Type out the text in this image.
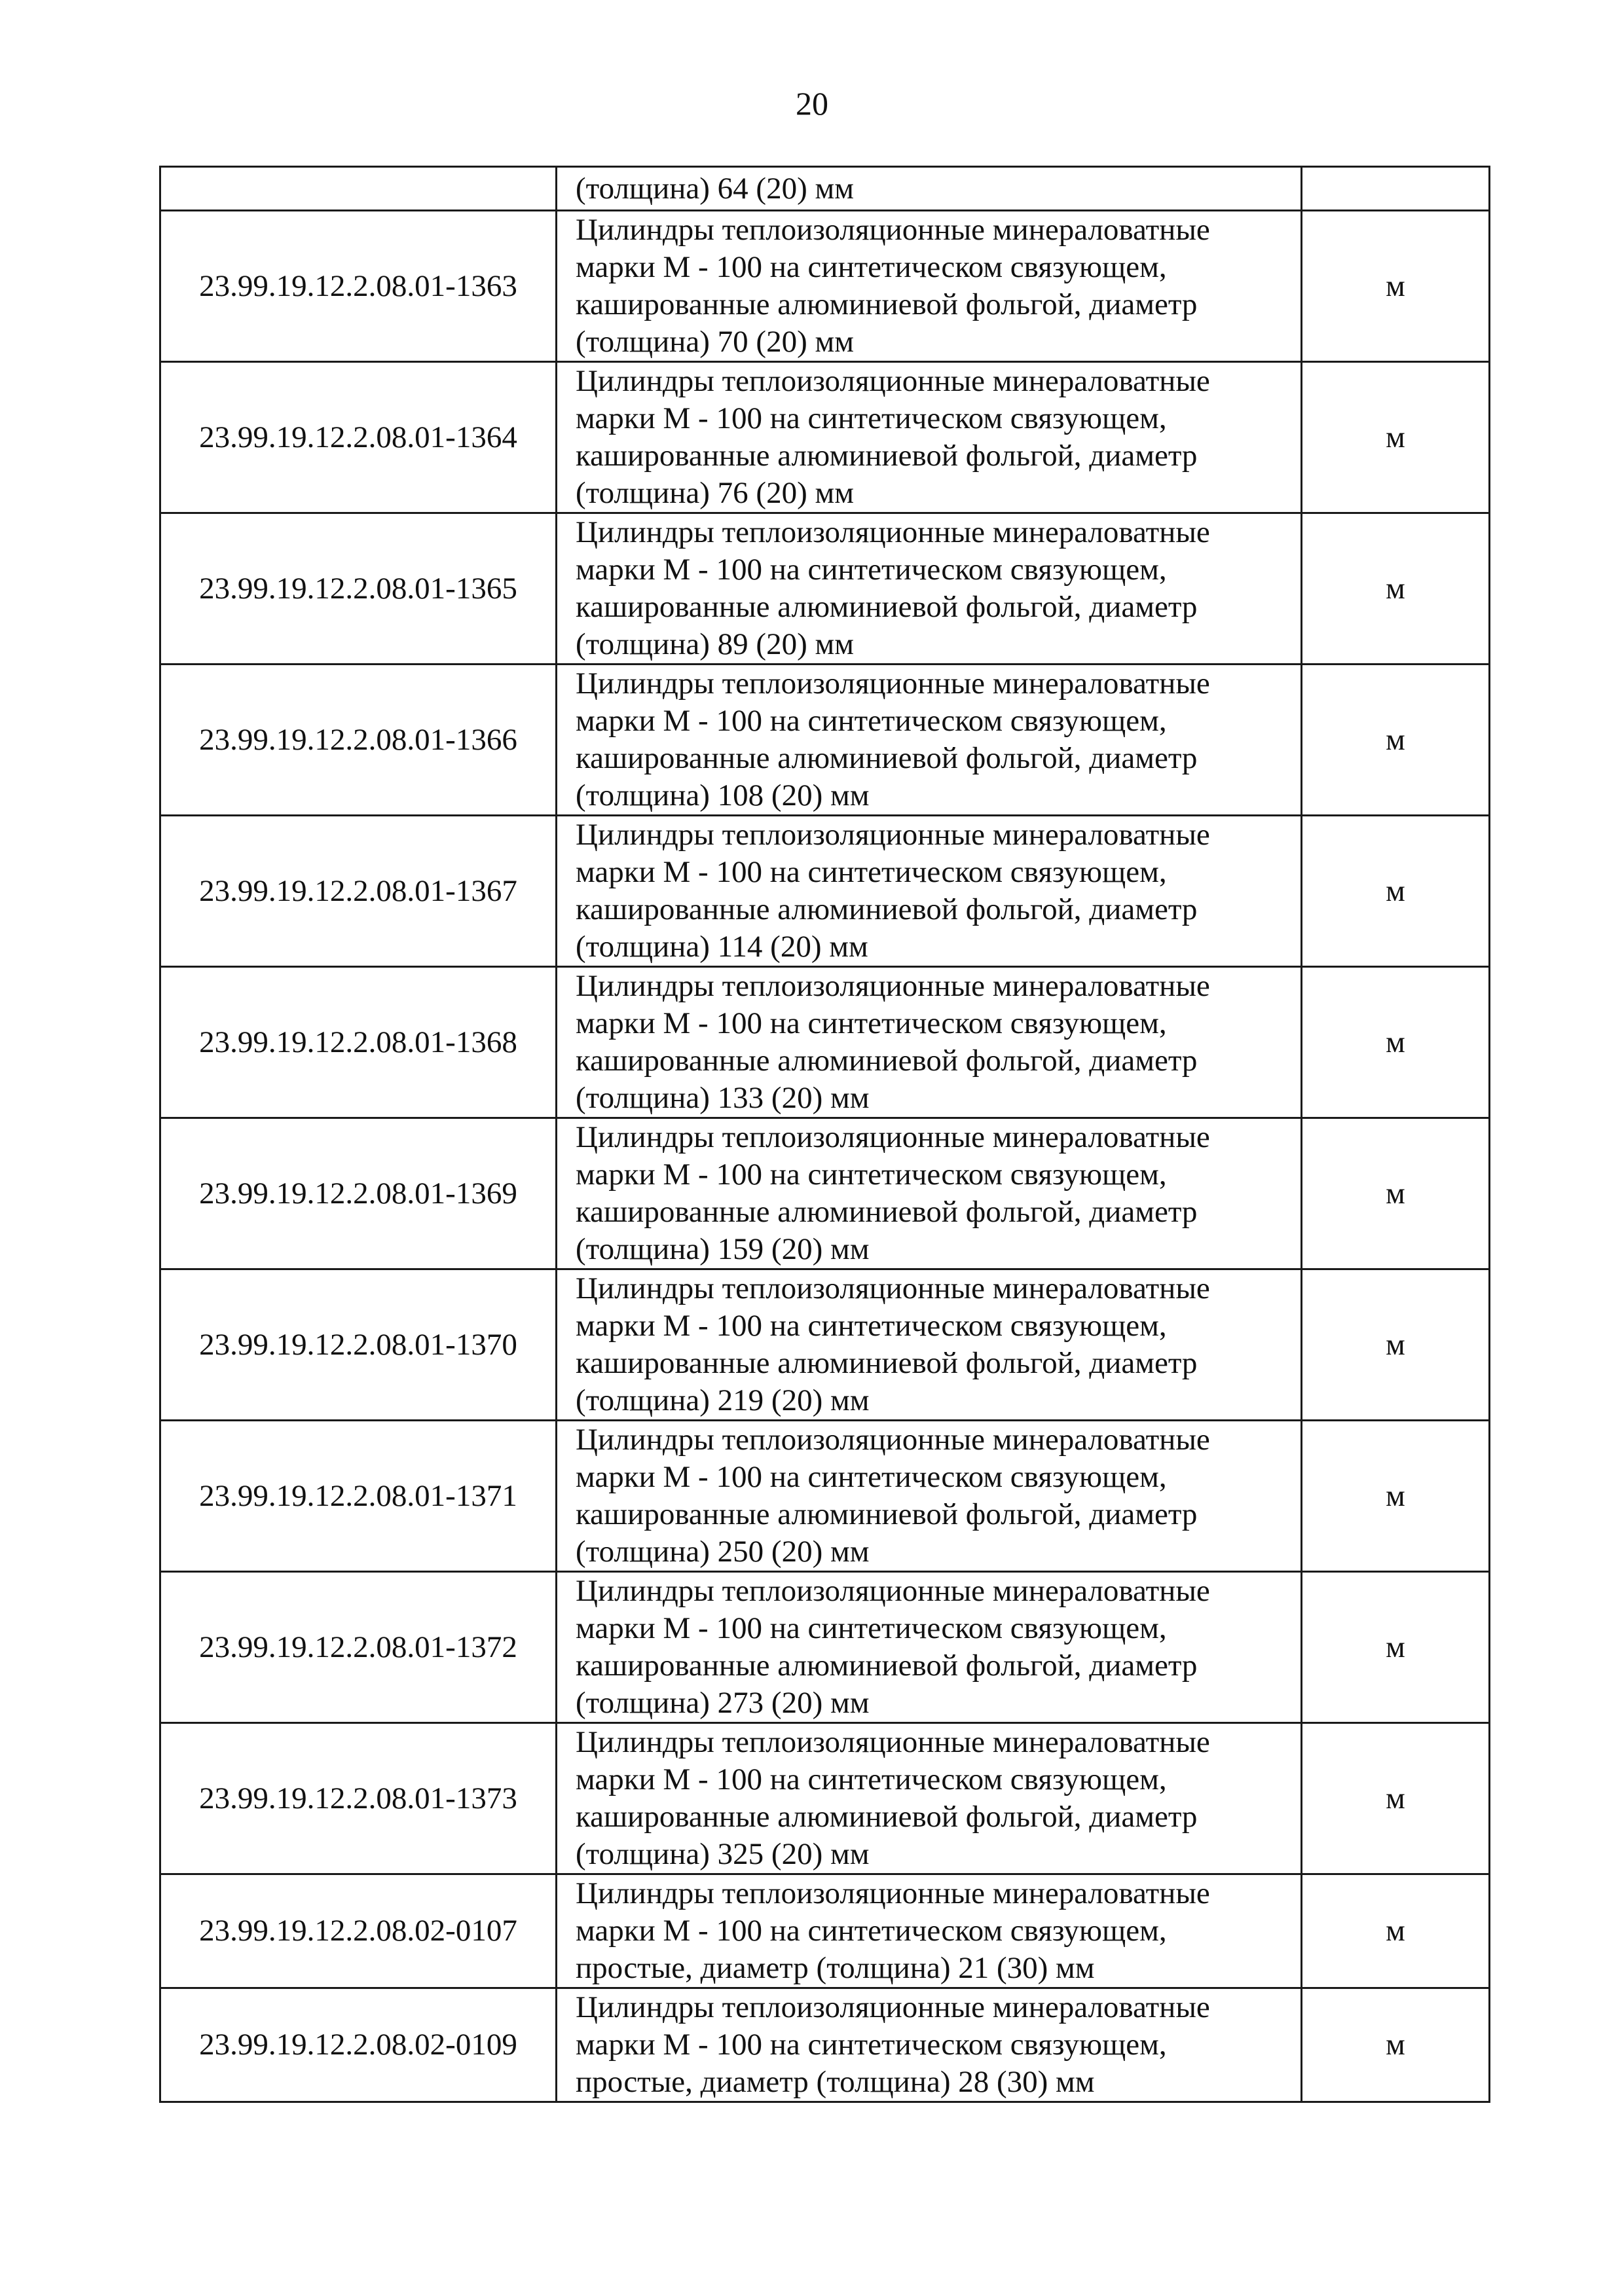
20

	(толщина) 64 (20) мм	

23.99.19.12.2.08.01-1363	Цилиндры теплоизоляционные минераловатные
марки М - 100 на синтетическом связующем,
кашированные алюминиевой фольгой, диаметр
(толщина) 70 (20) мм	м
23.99.19.12.2.08.01-1364	Цилиндры теплоизоляционные минераловатные
марки М - 100 на синтетическом связующем,
кашированные алюминиевой фольгой, диаметр
(толщина) 76 (20) мм	м
23.99.19.12.2.08.01-1365	Цилиндры теплоизоляционные минераловатные
марки М - 100 на синтетическом связующем,
кашированные алюминиевой фольгой, диаметр
(толщина) 89 (20) мм	м
23.99.19.12.2.08.01-1366	Цилиндры теплоизоляционные минераловатные
марки М - 100 на синтетическом связующем,
кашированные алюминиевой фольгой, диаметр
(толщина) 108 (20) мм	м
23.99.19.12.2.08.01-1367	Цилиндры теплоизоляционные минераловатные
марки М - 100 на синтетическом связующем,
кашированные алюминиевой фольгой, диаметр
(толщина) 114 (20) мм	м
23.99.19.12.2.08.01-1368	Цилиндры теплоизоляционные минераловатные
марки М - 100 на синтетическом связующем,
кашированные алюминиевой фольгой, диаметр
(толщина) 133 (20) мм	м
23.99.19.12.2.08.01-1369	Цилиндры теплоизоляционные минераловатные
марки М - 100 на синтетическом связующем,
кашированные алюминиевой фольгой, диаметр
(толщина) 159 (20) мм	м
23.99.19.12.2.08.01-1370	Цилиндры теплоизоляционные минераловатные
марки М - 100 на синтетическом связующем,
кашированные алюминиевой фольгой, диаметр
(толщина) 219 (20) мм	м
23.99.19.12.2.08.01-1371	Цилиндры теплоизоляционные минераловатные
марки М - 100 на синтетическом связующем,
кашированные алюминиевой фольгой, диаметр
(толщина) 250 (20) мм	м
23.99.19.12.2.08.01-1372	Цилиндры теплоизоляционные минераловатные
марки М - 100 на синтетическом связующем,
кашированные алюминиевой фольгой, диаметр
(толщина) 273 (20) мм	м
23.99.19.12.2.08.01-1373	Цилиндры теплоизоляционные минераловатные
марки М - 100 на синтетическом связующем,
кашированные алюминиевой фольгой, диаметр
(толщина) 325 (20) мм	м
23.99.19.12.2.08.02-0107	Цилиндры теплоизоляционные минераловатные
марки М - 100 на синтетическом связующем,
простые, диаметр (толщина) 21 (30) мм	м
23.99.19.12.2.08.02-0109	Цилиндры теплоизоляционные минераловатные
марки М - 100 на синтетическом связующем,
простые, диаметр (толщина) 28 (30) мм	м
